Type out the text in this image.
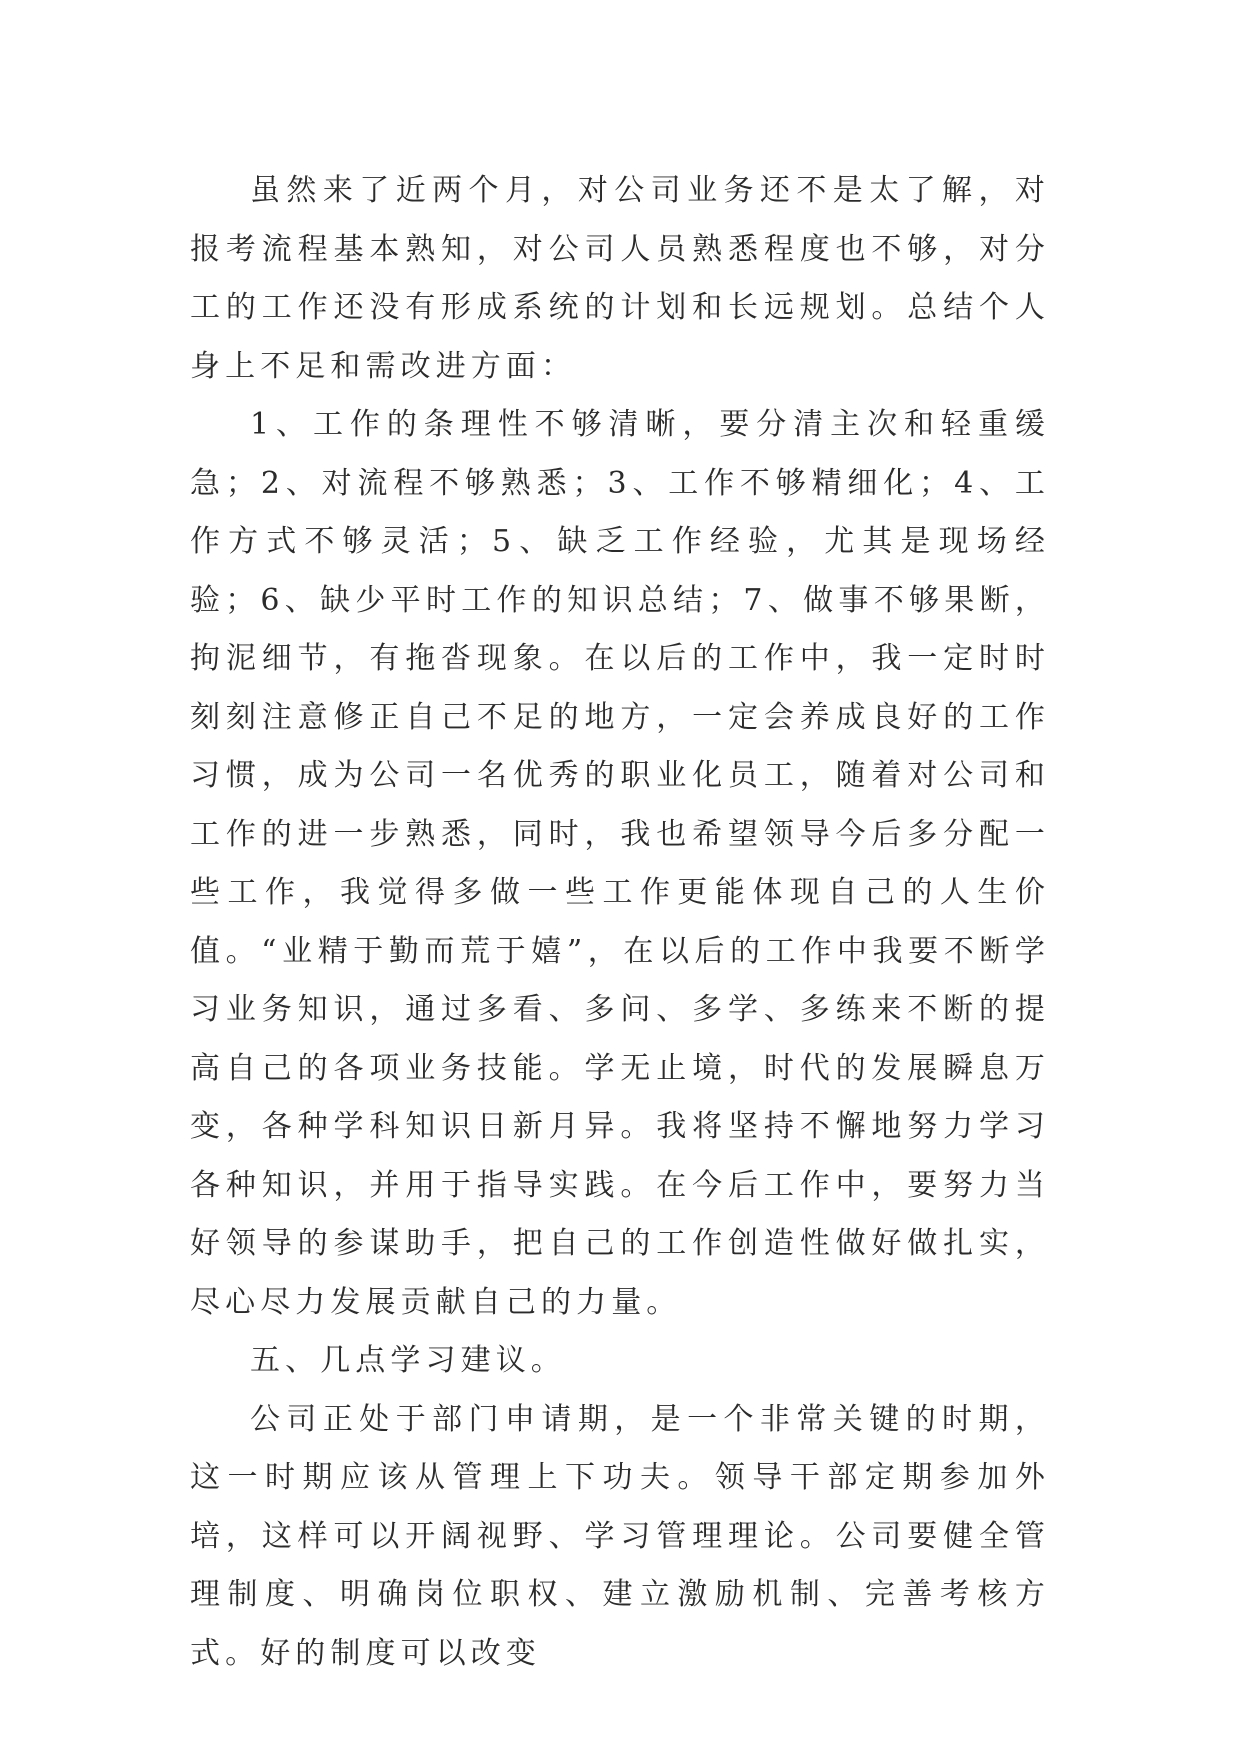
虽然来了近两个月，对公司业务还不是太了解，对报考流程基本熟知，对公司人员熟悉程度也不够，对分工的工作还没有形成系统的计划和长远规划。总结个人身上不足和需改进方面：

1、工作的条理性不够清晰，要分清主次和轻重缓急；2、对流程不够熟悉；3、工作不够精细化；4、工作方式不够灵活；5、缺乏工作经验，尤其是现场经验；6、缺少平时工作的知识总结；7、做事不够果断，拘泥细节，有拖沓现象。在以后的工作中，我一定时时刻刻注意修正自己不足的地方，一定会养成良好的工作习惯，成为公司一名优秀的职业化员工，随着对公司和工作的进一步熟悉，同时，我也希望领导今后多分配一些工作，我觉得多做一些工作更能体现自己的人生价值。“业精于勤而荒于嬉”，在以后的工作中我要不断学习业务知识，通过多看、多问、多学、多练来不断的提高自己的各项业务技能。学无止境，时代的发展瞬息万变，各种学科知识日新月异。我将坚持不懈地努力学习各种知识，并用于指导实践。在今后工作中，要努力当好领导的参谋助手，把自己的工作创造性做好做扎实，尽心尽力发展贡献自己的力量。

五、几点学习建议。

公司正处于部门申请期，是一个非常关键的时期，这一时期应该从管理上下功夫。领导干部定期参加外培，这样可以开阔视野、学习管理理论。公司要健全管理制度、明确岗位职权、建立激励机制、完善考核方式。好的制度可以改变
